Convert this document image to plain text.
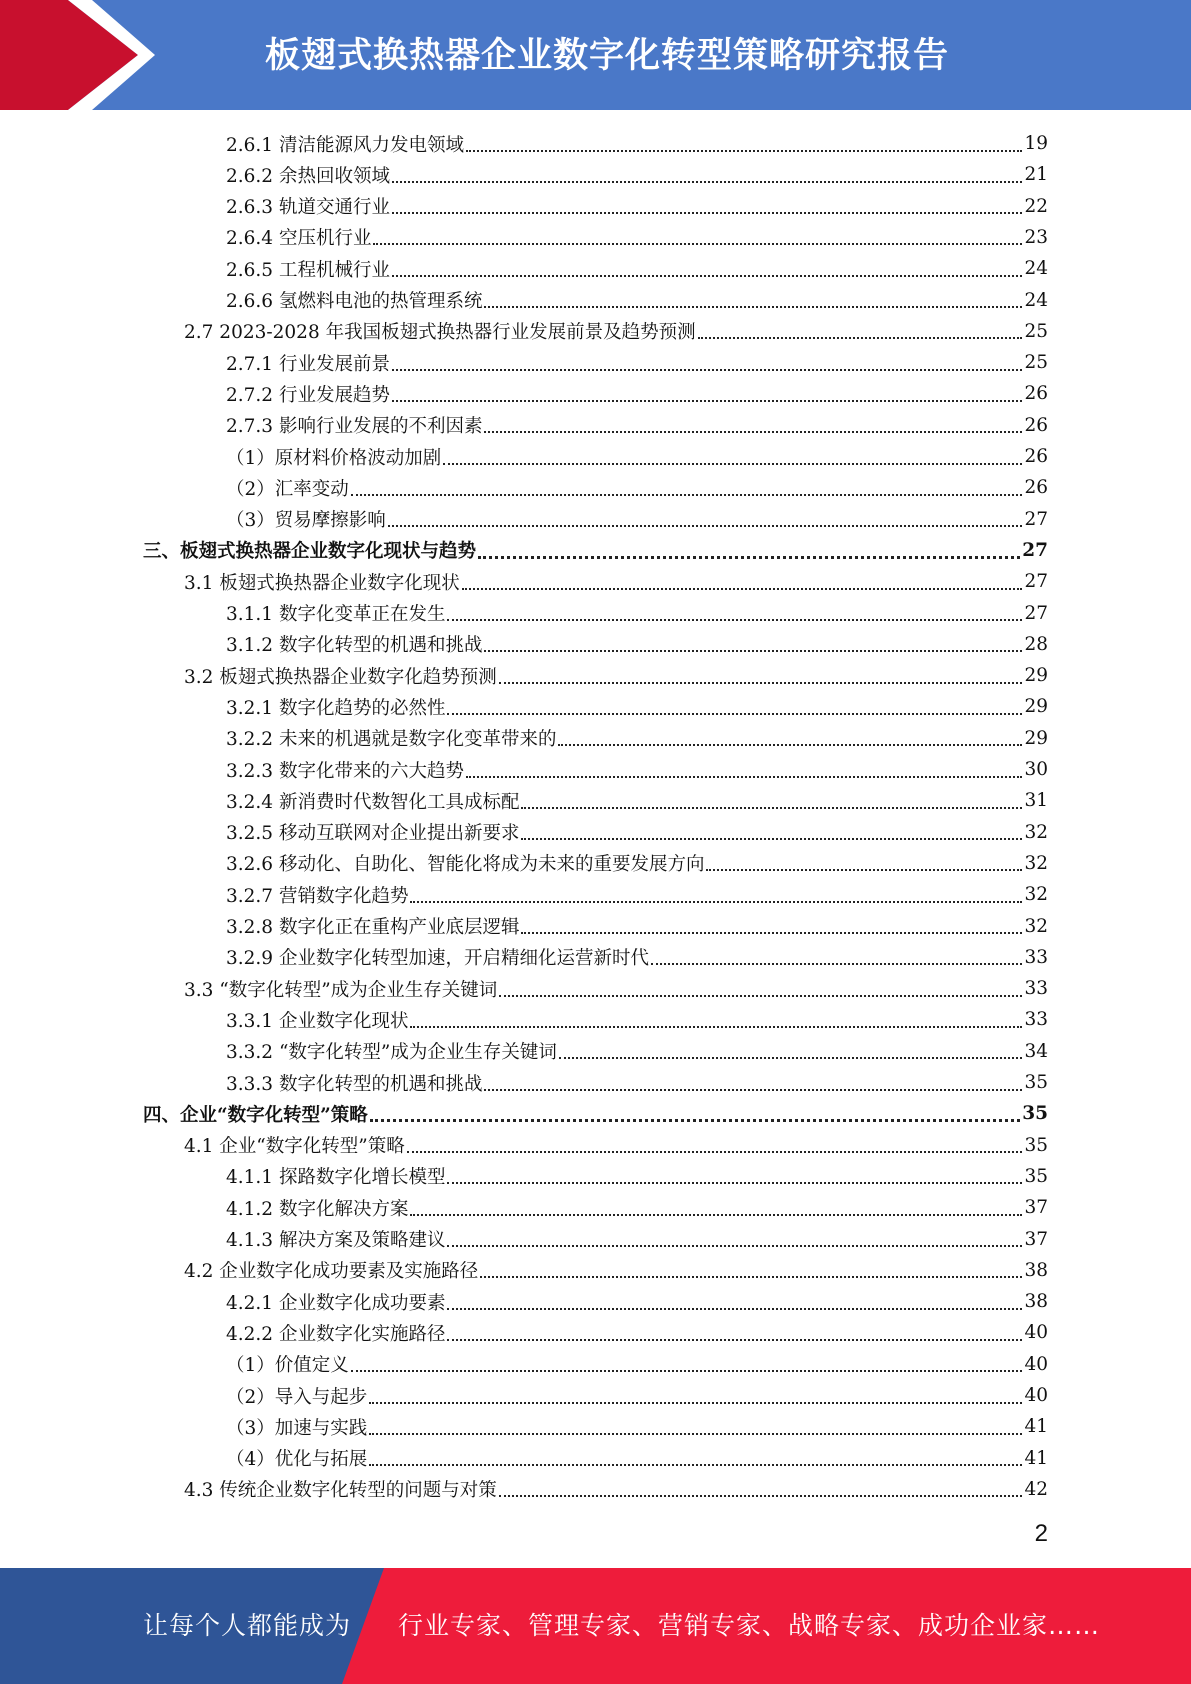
板翅式换热器企业数字化转型策略研究报告
2.6.1 清洁能源风力发电领域	19
2.6.2 余热回收领域	21
2.6.3 轨道交通行业	22
2.6.4 空压机行业	23
2.6.5 工程机械行业	24
2.6.6 氢燃料电池的热管理系统	24
2.7 2023-2028 年我国板翅式换热器行业发展前景及趋势预测	25
2.7.1 行业发展前景	25
2.7.2 行业发展趋势	26
2.7.3 影响行业发展的不利因素	26
（1）原材料价格波动加剧	26
（2）汇率变动	26
（3）贸易摩擦影响	27
三、板翅式换热器企业数字化现状与趋势	27
3.1 板翅式换热器企业数字化现状	27
3.1.1 数字化变革正在发生	27
3.1.2 数字化转型的机遇和挑战	28
3.2 板翅式换热器企业数字化趋势预测	29
3.2.1 数字化趋势的必然性	29
3.2.2 未来的机遇就是数字化变革带来的	29
3.2.3 数字化带来的六大趋势	30
3.2.4 新消费时代数智化工具成标配	31
3.2.5 移动互联网对企业提出新要求	32
3.2.6 移动化、自助化、智能化将成为未来的重要发展方向	32
3.2.7 营销数字化趋势	32
3.2.8 数字化正在重构产业底层逻辑	32
3.2.9 企业数字化转型加速，开启精细化运营新时代	33
3.3 “数字化转型”成为企业生存关键词	33
3.3.1 企业数字化现状	33
3.3.2 “数字化转型”成为企业生存关键词	34
3.3.3 数字化转型的机遇和挑战	35
四、企业“数字化转型”策略	35
4.1 企业“数字化转型”策略	35
4.1.1 探路数字化增长模型	35
4.1.2 数字化解决方案	37
4.1.3 解决方案及策略建议	37
4.2 企业数字化成功要素及实施路径	38
4.2.1 企业数字化成功要素	38
4.2.2 企业数字化实施路径	40
（1）价值定义	40
（2）导入与起步	40
（3）加速与实践	41
（4）优化与拓展	41
4.3 传统企业数字化转型的问题与对策	42
2
让每个人都能成为 行业专家、管理专家、营销专家、战略专家、成功企业家……
